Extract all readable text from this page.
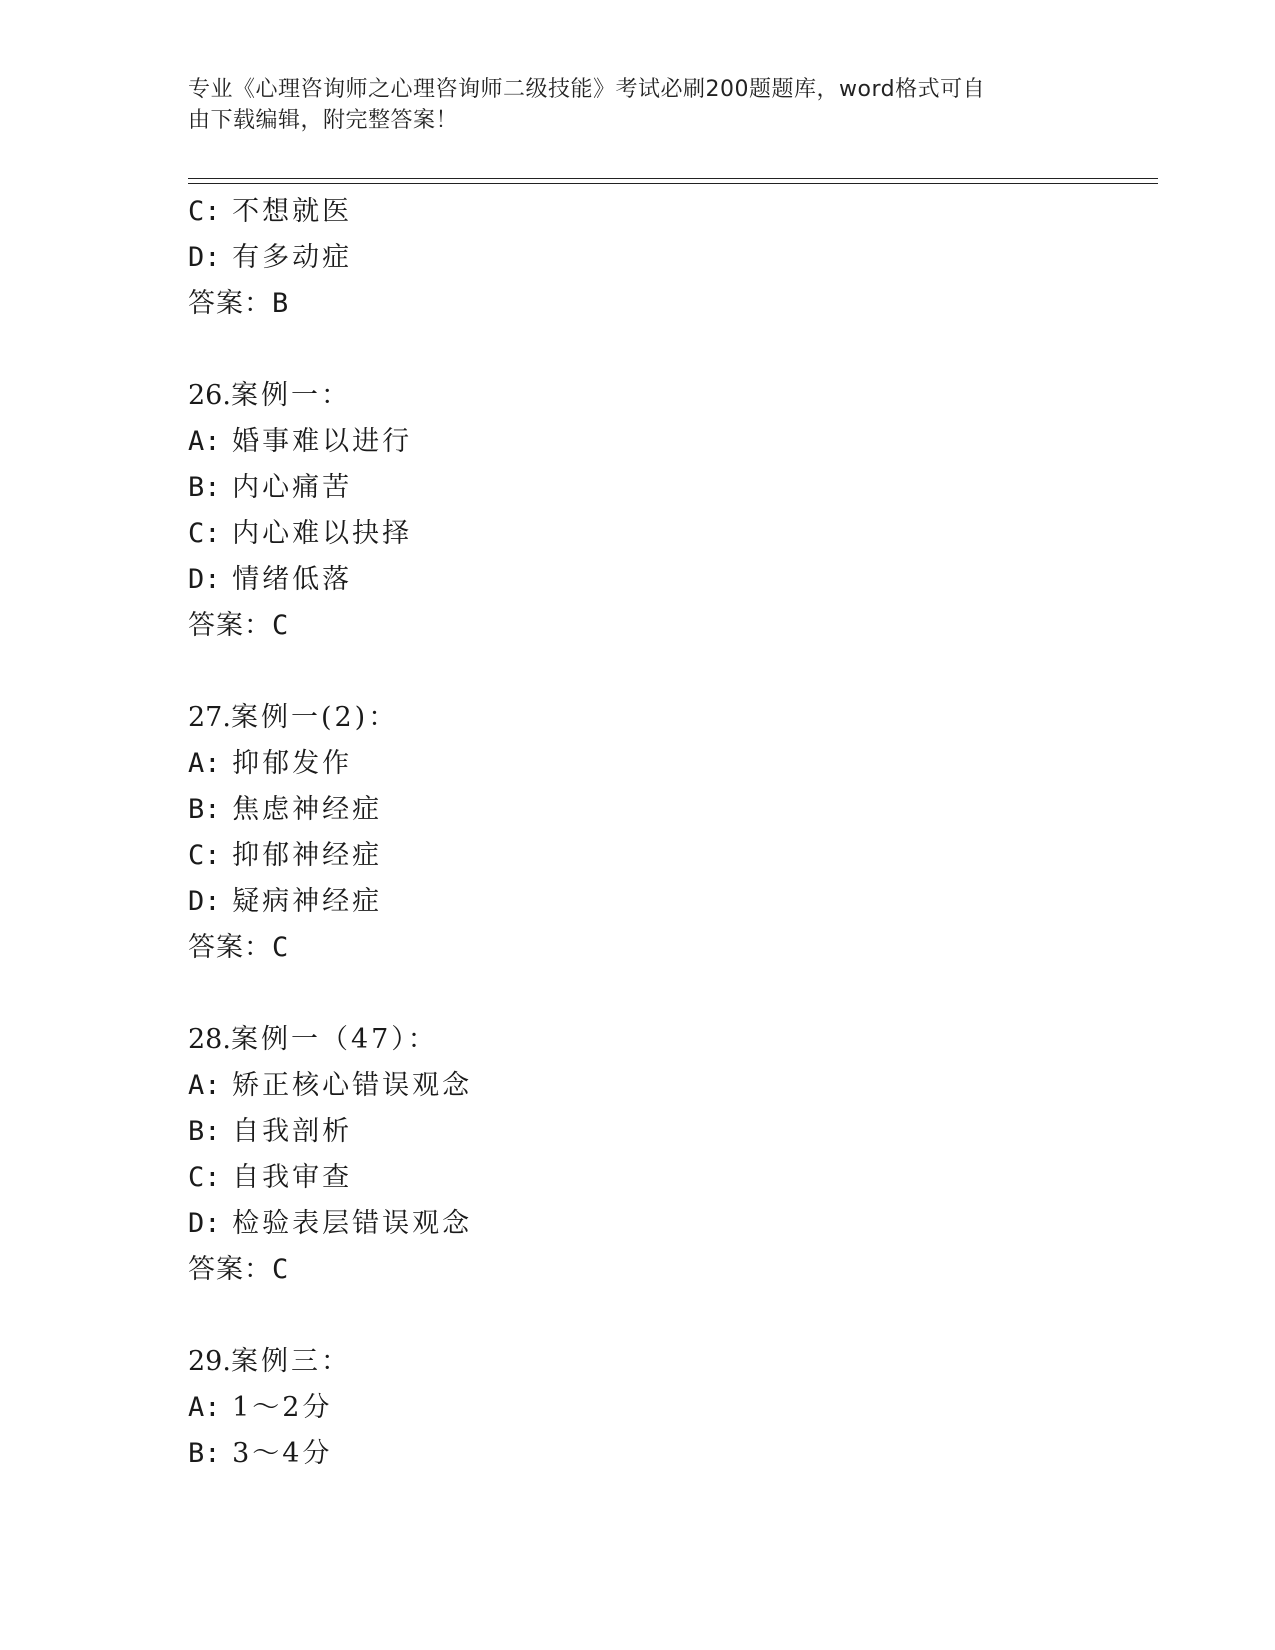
专业《心理咨询师之心理咨询师二级技能》考试必刷200题题库，word格式可自
由下载编辑，附完整答案！
C: 不想就医
D: 有多动症
答案：B
26.案例一：
A: 婚事难以进行
B: 内心痛苦
C: 内心难以抉择
D: 情绪低落
答案：C
27.案例一(2)：
A: 抑郁发作
B: 焦虑神经症
C: 抑郁神经症
D: 疑病神经症
答案：C
28.案例一（47）：
A: 矫正核心错误观念
B: 自我剖析
C: 自我审查
D: 检验表层错误观念
答案：C
29.案例三：
A: 1～2分
B: 3～4分
